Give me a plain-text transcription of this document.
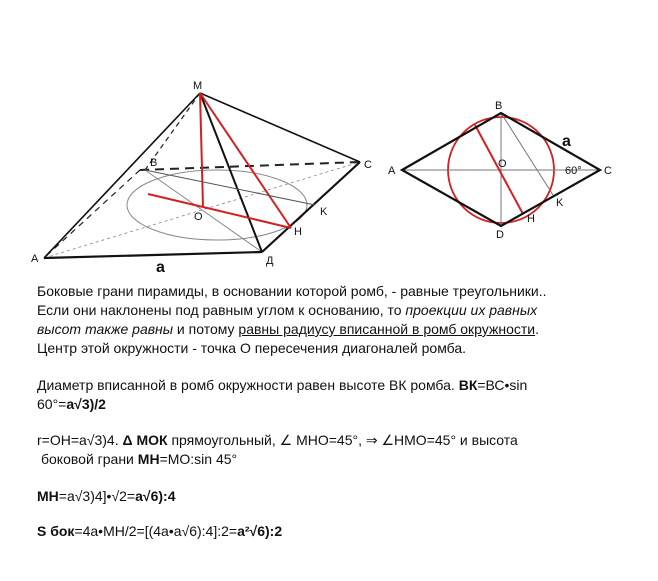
M
B	C
A
O
H
K
Д
a
B
A	C
O
D
H
K
a
60°
Боковые грани пирамиды, в основании которой ромб, - равные треугольники..
Если они наклонены под равным углом к основанию, то проекции их равных
высот также равны и потому равны радиусу вписанной в ромб окружности.
Центр этой окружности - точка О пересечения диагоналей ромба.
Диаметр вписанной в ромб окружности равен высоте ВК ромба. ВК=ВС•sin
60°=a√3)/2
r=OH=a√3)4. Δ МОК прямоугольный, ∠ МНО=45°, ⇒ ∠НМО=45° и высота
боковой грани МН=МО:sin 45°
МН=a√3)4]•√2=a√6):4
S бок=4a•MH/2=[(4a•a√6):4]:2=a²√6):2
